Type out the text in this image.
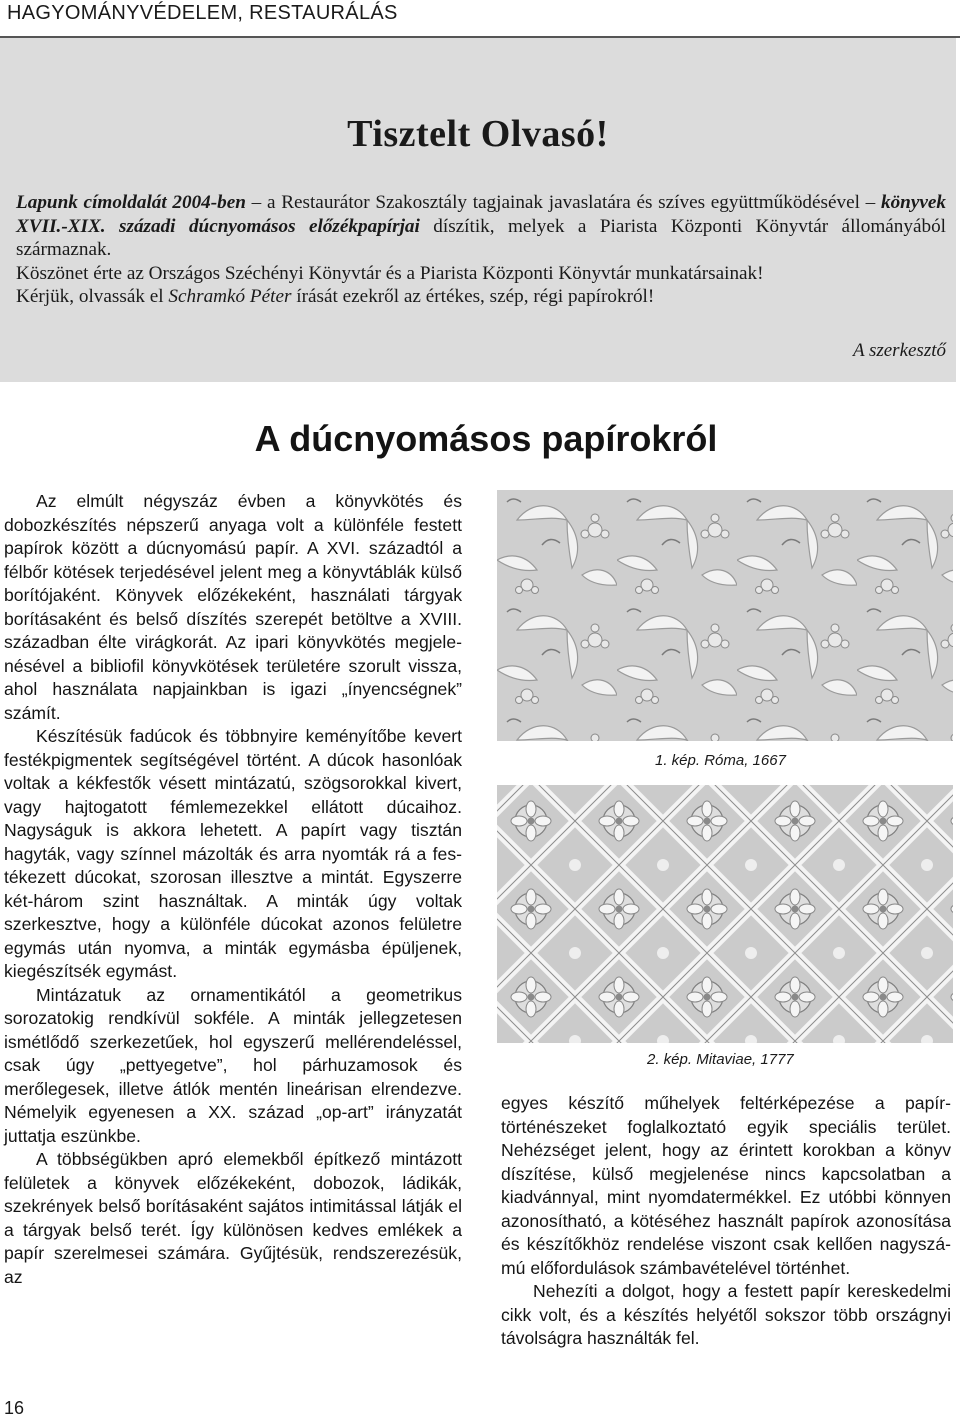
HAGYOMÁNYVÉDELEM, RESTAURÁLÁS
Tisztelt Olvasó!

Lapunk címoldalát 2004-ben – a Restaurátor Szakosztály tagjainak javaslatára és szíves együttműködésével – könyvek XVII.-XIX. századi dúcnyomásos előzékpapírjai díszítik, melyek a Piarista Központi Könyvtár állományából származnak.

Köszönet érte az Országos Széchényi Könyvtár és a Piarista Központi Könyvtár munkatársainak!

Kérjük, olvassák el Schramkó Péter írását ezekről az értékes, szép, régi papírokról!

A szerkesztő
A dúcnyomásos papírokról

Az elmúlt négyszáz évben a könyvkötés és dobozkészítés népszerű anyaga volt a különféle festett papírok között a dúcnyomású papír. A XVI. századtól a félbőr kötések terjedésével jelent meg a könyvtáblák külső borítójaként. Könyvek előzékeként, használati tárgyak borításaként és belső díszítés szerepét betöltve a XVIII. században élte virágkorát. Az ipari könyvkötés megjelenésével a bibliofil könyvkötések területére szorult vissza, ahol használata napjainkban is igazi „ínyencségnek” számít.

Készítésük fadúcok és többnyire keményítőbe kevert festékpigmentek segítségével történt. A dúcok hasonlóak voltak a kékfestők vésett mintázatú, szögsorokkal kivert, vagy hajtogatott fémlemezekkel ellátott dúcaihoz. Nagyságuk is akkora lehetett. A papírt vagy tisztán hagyták, vagy színnel mázolták és arra nyomták rá a festékezett dúcokat, szorosan illesztve a mintát. Egyszerre két-három szint használtak. A minták úgy voltak szerkesztve, hogy a különféle dúcokat azonos felületre egymás után nyomva, a minták egymásba épüljenek, kiegészítsék egymást.

Mintázatuk az ornamentikától a geometrikus sorozatokig rendkívül sokféle. A minták jellegzetesen ismétlődő szerkezetűek, hol egyszerű mellérendeléssel, csak úgy „pettyegetve”, hol párhuzamosok és merőlegesek, illetve átlók mentén lineárisan elrendezve. Némelyik egyenesen a XX. század „op-art” irányzatát juttatja eszünkbe.

A többségükben apró elemekből építkező mintázott felületek a könyvek előzékeként, dobozok, ládikák, szekrények belső borításaként sajátos intimitással látják el a tárgyak belső terét. Így különösen kedves emlékek a papír szerelmesei számára. Gyűjtésük, rendszerezésük, az

1. kép. Róma, 1667
2. kép. Mitaviae, 1777

egyes készítő műhelyek feltérképezése a papírtörténészeket foglalkoztató egyik speciális terület. Nehézséget jelent, hogy az érintett korokban a könyv díszítése, külső megjelenése nincs kapcsolatban a kiadvánnyal, mint nyomdatermékkel. Ez utóbbi könnyen azonosítható, a kötéséhez használt papírok azonosítása és készítőkhöz rendelése viszont csak kellően nagyszámú előfordulások számbavételével történhet.

Nehezíti a dolgot, hogy a festett papír kereskedelmi cikk volt, és a készítés helyétől sokszor több országnyi távolságra használták fel.

16
